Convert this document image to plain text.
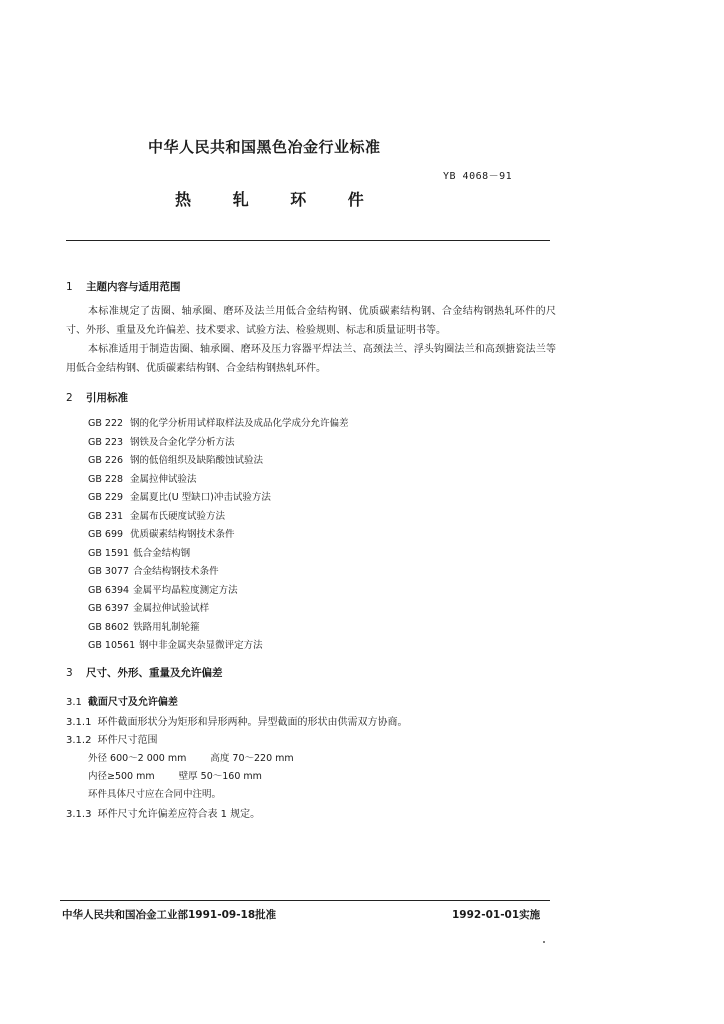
中华人民共和国黑色冶金行业标准
YB 4068－91
热	轧	环	件
1 主题内容与适用范围
本标准规定了齿圈、轴承圈、磨环及法兰用低合金结构钢、优质碳素结构钢、合金结构钢热轧环件的尺寸、外形、重量及允许偏差、技术要求、试验方法、检验规则、标志和质量证明书等。
本标准适用于制造齿圈、轴承圈、磨环及压力容器平焊法兰、高颈法兰、浮头钩圈法兰和高颈搪瓷法兰等用低合金结构钢、优质碳素结构钢、合金结构钢热轧环件。
2 引用标准
GB 222 钢的化学分析用试样取样法及成品化学成分允许偏差
GB 223 钢铁及合金化学分析方法
GB 226 钢的低倍组织及缺陷酸蚀试验法
GB 228 金属拉伸试验法
GB 229 金属夏比(U 型缺口)冲击试验方法
GB 231 金属布氏硬度试验方法
GB 699 优质碳素结构钢技术条件
GB 1591 低合金结构钢
GB 3077 合金结构钢技术条件
GB 6394 金属平均晶粒度测定方法
GB 6397 金属拉伸试验试样
GB 8602 铁路用轧制轮箍
GB 10561 钢中非金属夹杂显微评定方法
3 尺寸、外形、重量及允许偏差
3.1 截面尺寸及允许偏差
3.1.1 环件截面形状分为矩形和异形两种。异型截面的形状由供需双方协商。
3.1.2 环件尺寸范围
外径 600～2 000 mm	高度 70～220 mm
内径≥500 mm	壁厚 50～160 mm
环件具体尺寸应在合同中注明。
3.1.3 环件尺寸允许偏差应符合表 1 规定。
中华人民共和国冶金工业部1991-09-18批准	1992-01-01实施
